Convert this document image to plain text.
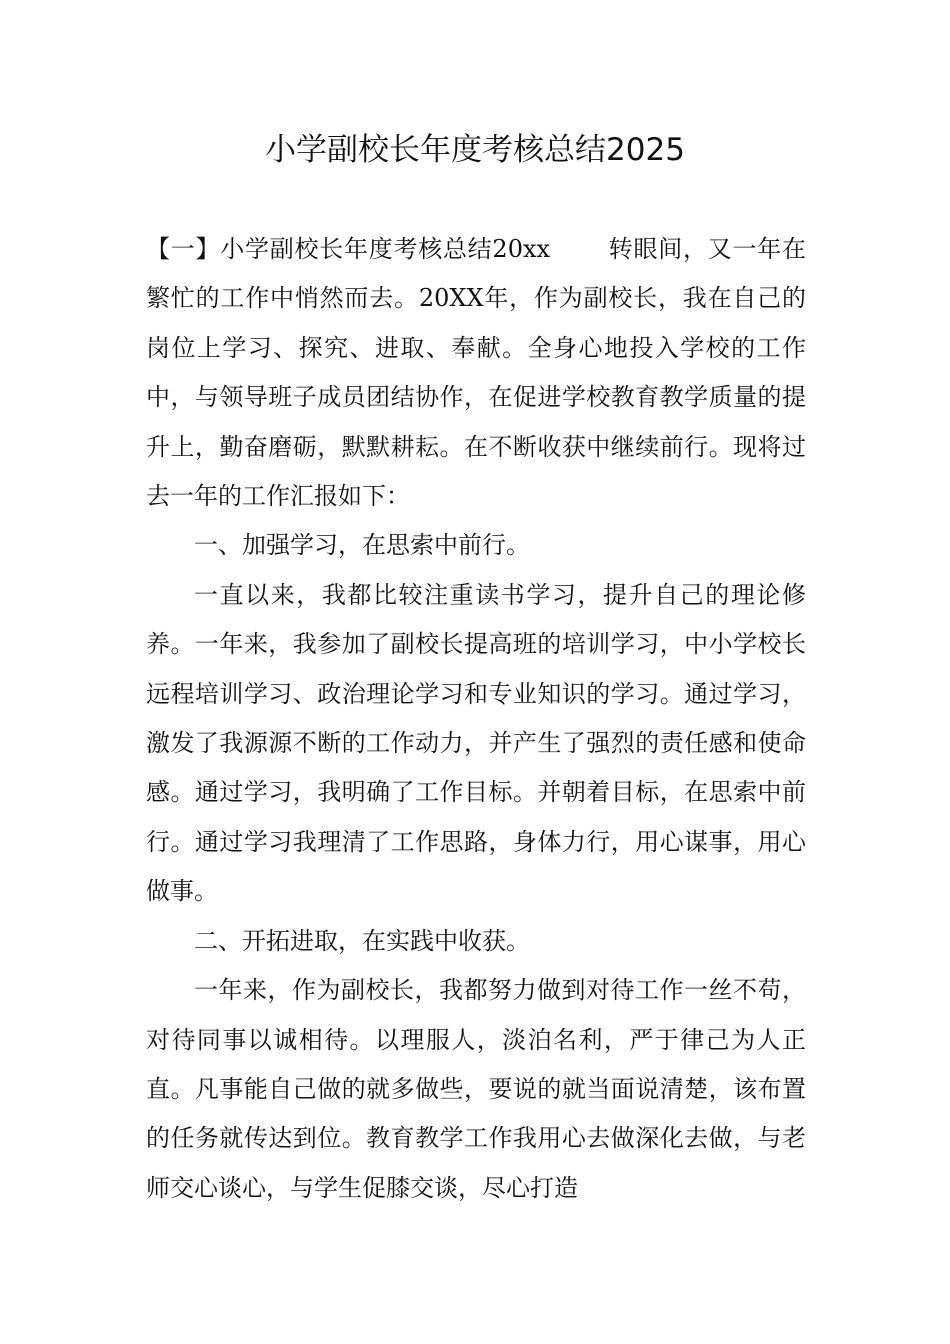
小学副校长年度考核总结2025

【一】小学副校长年度考核总结20xx 转眼间，又一年在繁忙的工作中悄然而去。20XX年，作为副校长，我在自己的岗位上学习、探究、进取、奉献。全身心地投入学校的工作中，与领导班子成员团结协作，在促进学校教育教学质量的提升上，勤奋磨砺，默默耕耘。在不断收获中继续前行。现将过去一年的工作汇报如下：

一、加强学习，在思索中前行。

一直以来，我都比较注重读书学习，提升自己的理论修养。一年来，我参加了副校长提高班的培训学习，中小学校长远程培训学习、政治理论学习和专业知识的学习。通过学习，激发了我源源不断的工作动力，并产生了强烈的责任感和使命感。通过学习，我明确了工作目标。并朝着目标，在思索中前行。通过学习我理清了工作思路，身体力行，用心谋事，用心做事。

二、开拓进取，在实践中收获。

一年来，作为副校长，我都努力做到对待工作一丝不苟，对待同事以诚相待。以理服人，淡泊名利，严于律己为人正直。凡事能自己做的就多做些，要说的就当面说清楚，该布置的任务就传达到位。教育教学工作我用心去做深化去做，与老师交心谈心，与学生促膝交谈，尽心打造
